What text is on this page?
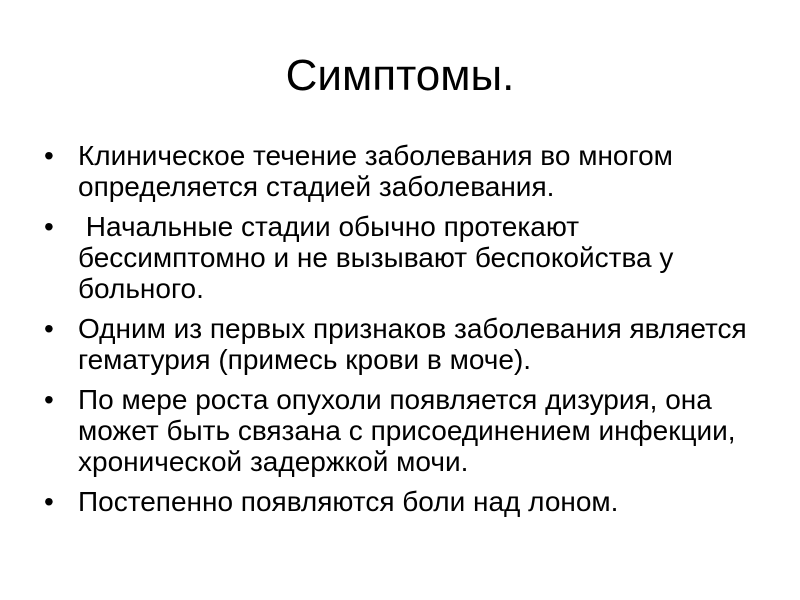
Симптомы.
• Клиническое течение заболевания во многом определяется стадией заболевания.
• Начальные стадии обычно протекают бессимптомно и не вызывают беспокойства у больного.
• Одним из первых признаков заболевания является гематурия (примесь крови в моче).
• По мере роста опухоли появляется дизурия, она может быть связана с присоединением инфекции, хронической задержкой мочи.
• Постепенно появляются боли над лоном.
